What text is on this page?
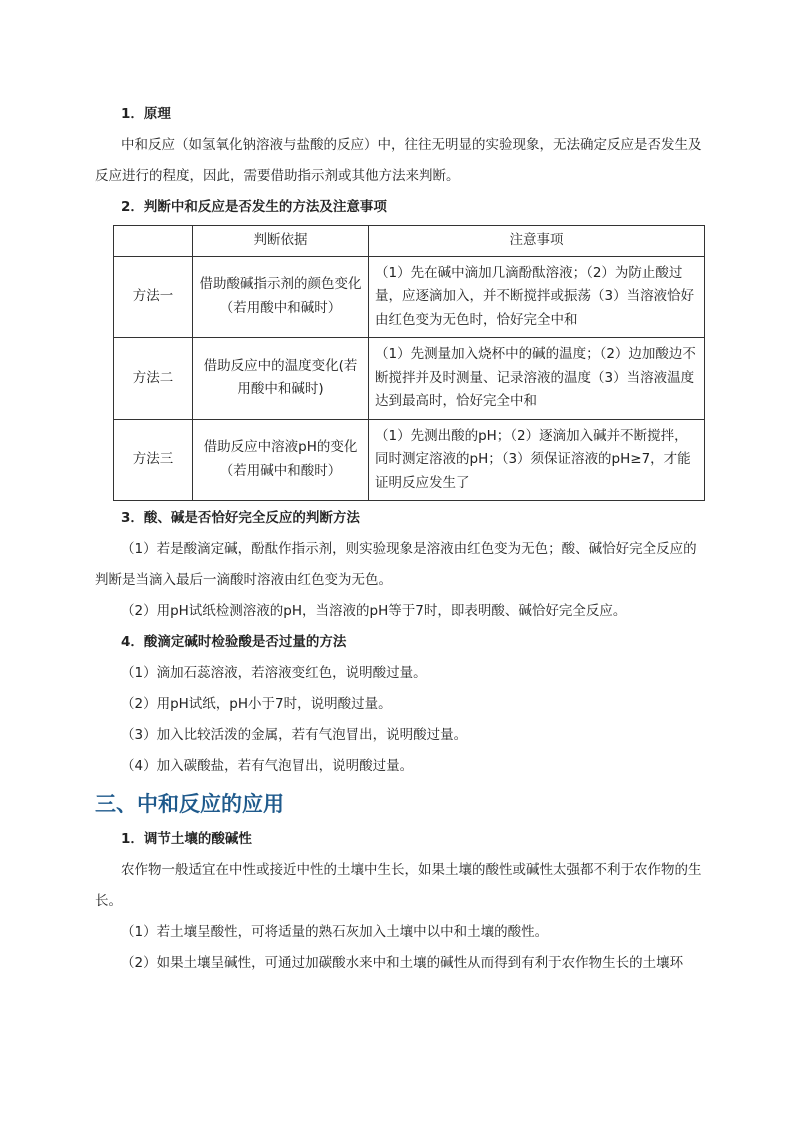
1．原理

中和反应（如氢氧化钠溶液与盐酸的反应）中，往往无明显的实验现象，无法确定反应是否发生及反应进行的程度，因此，需要借助指示剂或其他方法来判断。

2．判断中和反应是否发生的方法及注意事项

	判断依据	注意事项
方法一	借助酸碱指示剂的颜色变化（若用酸中和碱时）	（1）先在碱中滴加几滴酚酞溶液；（2）为防止酸过量，应逐滴加入，并不断搅拌或振荡（3）当溶液恰好由红色变为无色时，恰好完全中和
方法二	借助反应中的温度变化(若用酸中和碱时)	（1）先测量加入烧杯中的碱的温度；（2）边加酸边不断搅拌并及时测量、记录溶液的温度（3）当溶液温度达到最高时，恰好完全中和
方法三	借助反应中溶液pH的变化（若用碱中和酸时）	（1）先测出酸的pH；（2）逐滴加入碱并不断搅拌，同时测定溶液的pH；（3）须保证溶液的pH≥7，才能证明反应发生了

3．酸、碱是否恰好完全反应的判断方法

（1）若是酸滴定碱，酚酞作指示剂，则实验现象是溶液由红色变为无色；酸、碱恰好完全反应的判断是当滴入最后一滴酸时溶液由红色变为无色。

（2）用pH试纸检测溶液的pH，当溶液的pH等于7时，即表明酸、碱恰好完全反应。

4．酸滴定碱时检验酸是否过量的方法

（1）滴加石蕊溶液，若溶液变红色，说明酸过量。

（2）用pH试纸，pH小于7时，说明酸过量。

（3）加入比较活泼的金属，若有气泡冒出，说明酸过量。

（4）加入碳酸盐，若有气泡冒出，说明酸过量。

三、中和反应的应用

1．调节土壤的酸碱性

农作物一般适宜在中性或接近中性的土壤中生长，如果土壤的酸性或碱性太强都不利于农作物的生长。

（1）若土壤呈酸性，可将适量的熟石灰加入土壤中以中和土壤的酸性。

（2）如果土壤呈碱性，可通过加碳酸水来中和土壤的碱性从而得到有利于农作物生长的土壤环
